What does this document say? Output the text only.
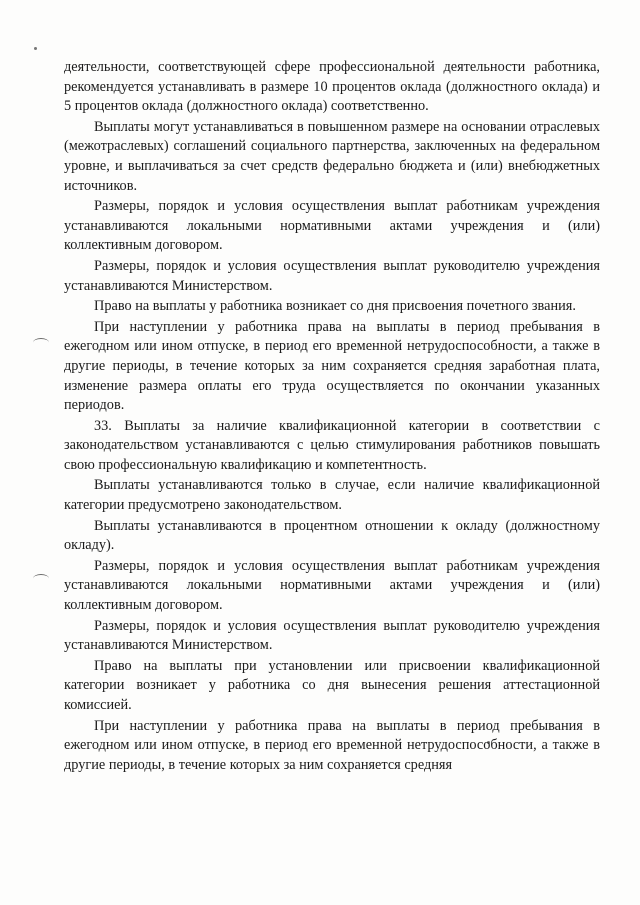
деятельности, соответствующей сфере профессиональной деятельности работника, рекомендуется устанавливать в размере 10 процентов оклада (должностного оклада) и 5 процентов оклада (должностного оклада) соответственно.

Выплаты могут устанавливаться в повышенном размере на основании отраслевых (межотраслевых) соглашений социального партнерства, заключенных на федеральном уровне, и выплачиваться за счет средств федерально бюджета и (или) внебюджетных источников.

Размеры, порядок и условия осуществления выплат работникам учреждения устанавливаются локальными нормативными актами учреждения и (или) коллективным договором.

Размеры, порядок и условия осуществления выплат руководителю учреждения устанавливаются Министерством.

Право на выплаты у работника возникает со дня присвоения почетного звания.

При наступлении у работника права на выплаты в период пребывания в ежегодном или ином отпуске, в период его временной нетрудоспособности, а также в другие периоды, в течение которых за ним сохраняется средняя заработная плата, изменение размера оплаты его труда осуществляется по окончании указанных периодов.

33. Выплаты за наличие квалификационной категории в соответствии с законодательством устанавливаются с целью стимулирования работников повышать свою профессиональную квалификацию и компетентность.

Выплаты устанавливаются только в случае, если наличие квалификационной категории предусмотрено законодательством.

Выплаты устанавливаются в процентном отношении к окладу (должностному окладу).

Размеры, порядок и условия осуществления выплат работникам учреждения устанавливаются локальными нормативными актами учреждения и (или) коллективным договором.

Размеры, порядок и условия осуществления выплат руководителю учреждения устанавливаются Министерством.

Право на выплаты при установлении или присвоении квалификационной категории возникает у работника со дня вынесения решения аттестационной комиссией.

При наступлении у работника права на выплаты в период пребывания в ежегодном или ином отпуске, в период его временной нетрудоспособности, а также в другие периоды, в течение которых за ним сохраняется средняя
